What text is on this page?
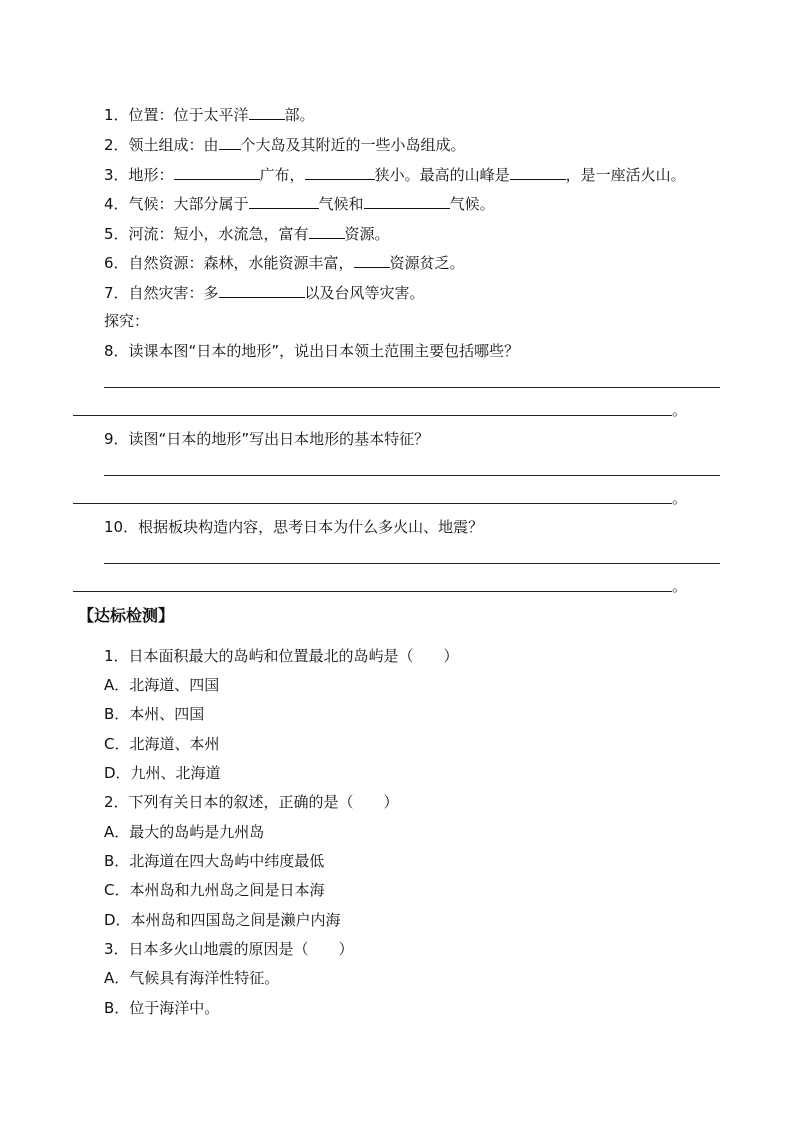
1．位置：位于太平洋 部。
2．领土组成：由 个大岛及其附近的一些小岛组成。
3．地形：	广布，	狭小。最高的山峰是	，是一座活火山。
4．气候：大部分属于	气候和	气候。
5．河流：短小，水流急，富有 资源。
6．自然资源：森林，水能资源丰富， 资源贫乏。
7．自然灾害：多	以及台风等灾害。
探究：
8．读课本图“日本的地形”，说出日本领土范围主要包括哪些？
。
9．读图“日本的地形”写出日本地形的基本特征？
。
10．根据板块构造内容，思考日本为什么多火山、地震？
。
【达标检测】
1．日本面积最大的岛屿和位置最北的岛屿是（　　）
A．北海道、四国
B．本州、四国
C．北海道、本州
D．九州、北海道
2．下列有关日本的叙述，正确的是（　　）
A．最大的岛屿是九州岛
B．北海道在四大岛屿中纬度最低
C．本州岛和九州岛之间是日本海
D．本州岛和四国岛之间是濑户内海
3．日本多火山地震的原因是（　　）
A．气候具有海洋性特征。
B．位于海洋中。
